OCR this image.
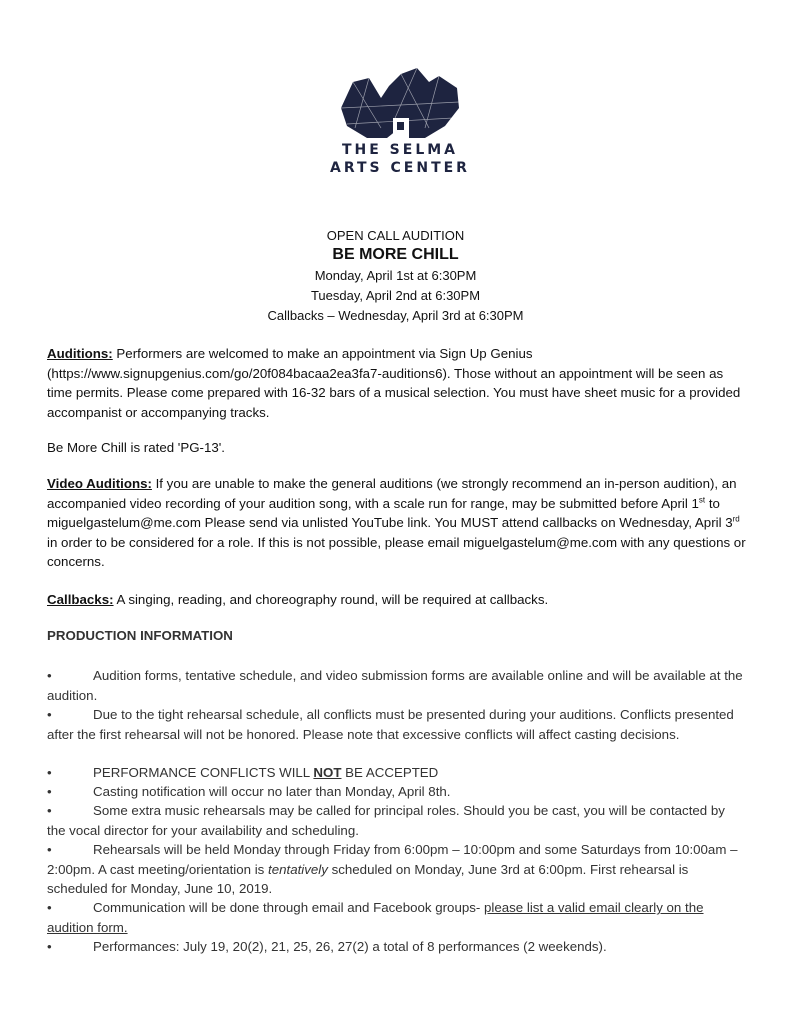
THE SELMA
ARTS CENTER
OPEN CALL AUDITION
BE MORE CHILL
Monday, April 1st at 6:30PM
Tuesday, April 2nd at 6:30PM
Callbacks – Wednesday, April 3rd at 6:30PM
Auditions: Performers are welcomed to make an appointment via Sign Up Genius (https://www.signupgenius.com/go/20f084bacaa2ea3fa7-auditions6). Those without an appointment will be seen as time permits. Please come prepared with 16-32 bars of a musical selection. You must have sheet music for a provided accompanist or accompanying tracks.
Be More Chill is rated 'PG-13'.
Video Auditions: If you are unable to make the general auditions (we strongly recommend an in-person audition), an accompanied video recording of your audition song, with a scale run for range, may be submitted before April 1st to miguelgastelum@me.com Please send via unlisted YouTube link. You MUST attend callbacks on Wednesday, April 3rd in order to be considered for a role. If this is not possible, please email miguelgastelum@me.com with any questions or concerns.
Callbacks: A singing, reading, and choreography round, will be required at callbacks.
PRODUCTION INFORMATION
•	Audition forms, tentative schedule, and video submission forms are available online and will be available at the audition.
•	Due to the tight rehearsal schedule, all conflicts must be presented during your auditions. Conflicts presented after the first rehearsal will not be honored. Please note that excessive conflicts will affect casting decisions.
•	PERFORMANCE CONFLICTS WILL NOT BE ACCEPTED
•	Casting notification will occur no later than Monday, April 8th.
•	Some extra music rehearsals may be called for principal roles. Should you be cast, you will be contacted by the vocal director for your availability and scheduling.
•	Rehearsals will be held Monday through Friday from 6:00pm – 10:00pm and some Saturdays from 10:00am – 2:00pm. A cast meeting/orientation is tentatively scheduled on Monday, June 3rd at 6:00pm. First rehearsal is scheduled for Monday, June 10, 2019.
•	Communication will be done through email and Facebook groups- please list a valid email clearly on the audition form.
•	Performances: July 19, 20(2), 21, 25, 26, 27(2) a total of 8 performances (2 weekends).
